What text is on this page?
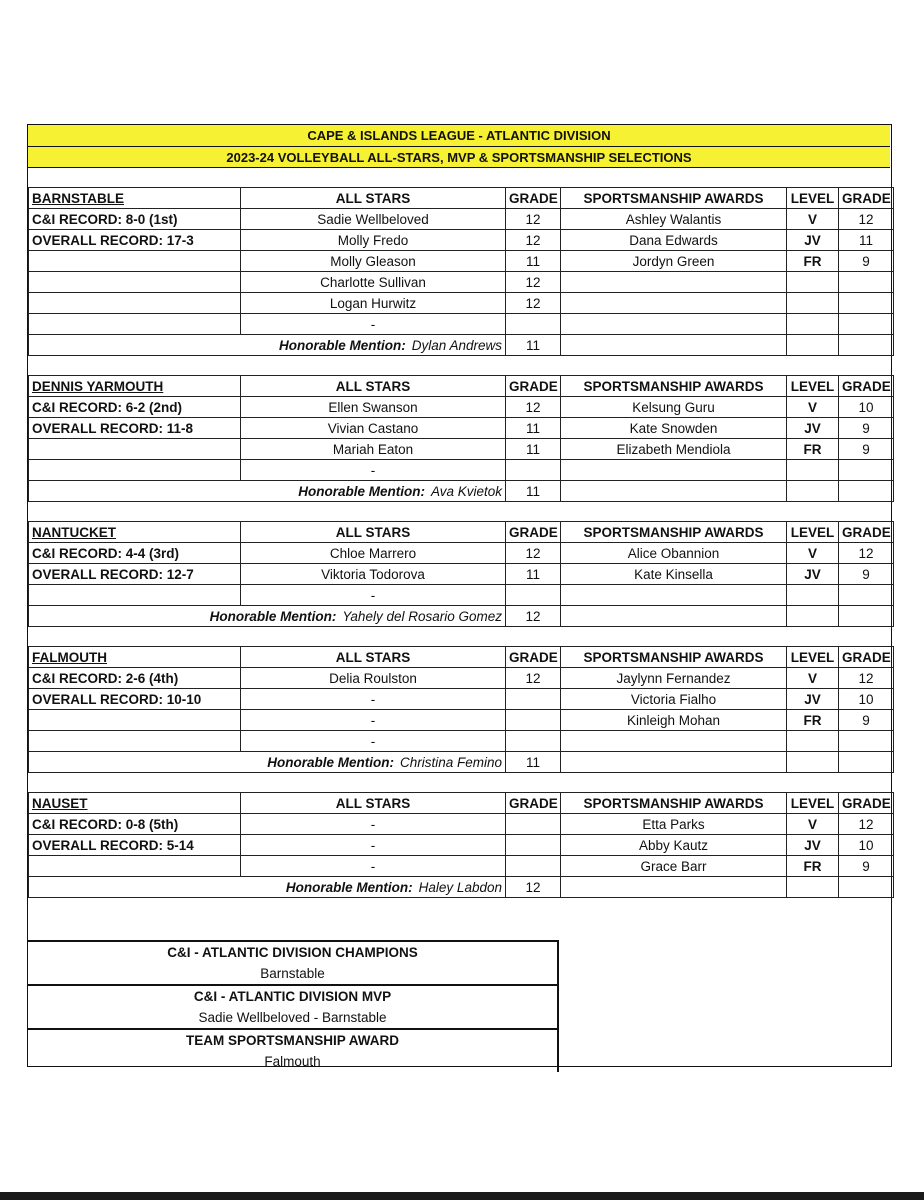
CAPE & ISLANDS LEAGUE - ATLANTIC DIVISION
2023-24 VOLLEYBALL ALL-STARS, MVP & SPORTSMANSHIP SELECTIONS
BARNSTABLE	ALL STARS	GRADE	SPORTSMANSHIP AWARDS	LEVEL	GRADE
C&I RECORD: 8-0 (1st)	Sadie Wellbeloved	12	Ashley Walantis	V	12
OVERALL RECORD: 17-3	Molly Fredo	12	Dana Edwards	JV	11
	Molly Gleason	11	Jordyn Green	FR	9
	Charlotte Sullivan	12			
	Logan Hurwitz	12			
	-				
Honorable Mention: Dylan Andrews		11			
DENNIS YARMOUTH	ALL STARS	GRADE	SPORTSMANSHIP AWARDS	LEVEL	GRADE
C&I RECORD: 6-2 (2nd)	Ellen Swanson	12	Kelsung Guru	V	10
OVERALL RECORD: 11-8	Vivian Castano	11	Kate Snowden	JV	9
	Mariah Eaton	11	Elizabeth Mendiola	FR	9
	-				
Honorable Mention: Ava Kvietok		11			
NANTUCKET	ALL STARS	GRADE	SPORTSMANSHIP AWARDS	LEVEL	GRADE
C&I RECORD: 4-4 (3rd)	Chloe Marrero	12	Alice Obannion	V	12
OVERALL RECORD: 12-7	Viktoria Todorova	11	Kate Kinsella	JV	9
	-				
Honorable Mention: Yahely del Rosario Gomez		12			
FALMOUTH	ALL STARS	GRADE	SPORTSMANSHIP AWARDS	LEVEL	GRADE
C&I RECORD: 2-6 (4th)	Delia Roulston	12	Jaylynn Fernandez	V	12
OVERALL RECORD: 10-10	-		Victoria Fialho	JV	10
	-		Kinleigh Mohan	FR	9
	-				
Honorable Mention: Christina Femino		11			
NAUSET	ALL STARS	GRADE	SPORTSMANSHIP AWARDS	LEVEL	GRADE
C&I RECORD: 0-8 (5th)	-		Etta Parks	V	12
OVERALL RECORD: 5-14	-		Abby Kautz	JV	10
	-		Grace Barr	FR	9
Honorable Mention: Haley Labdon		12			
C&I - ATLANTIC DIVISION CHAMPIONS
Barnstable
C&I - ATLANTIC DIVISION MVP
Sadie Wellbeloved - Barnstable
TEAM SPORTSMANSHIP AWARD
Falmouth
